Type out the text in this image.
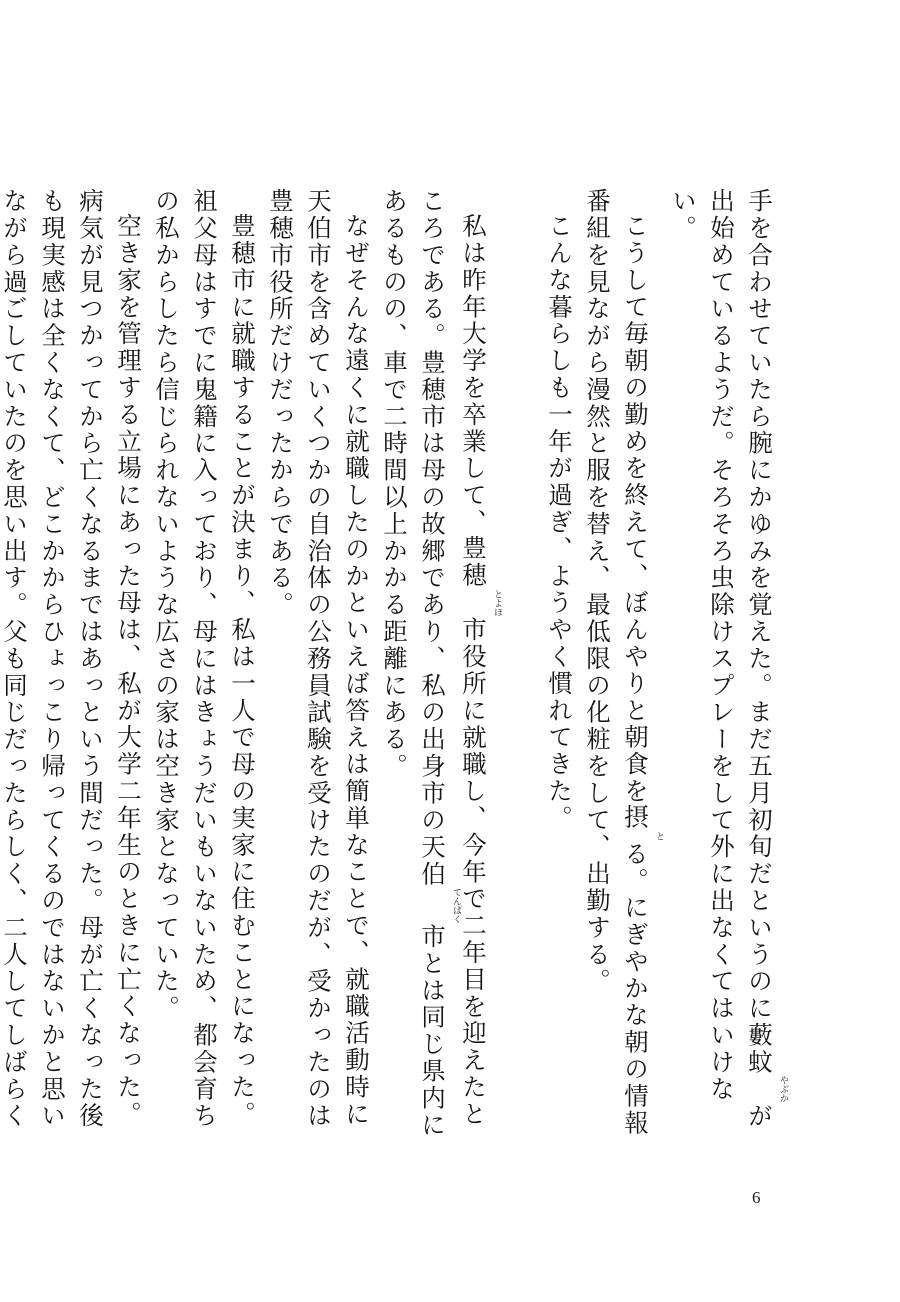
手を合わせていたら腕にかゆみを覚えた。まだ五月初旬だというのに藪蚊やぶかが出始めているようだ。そろそろ虫除けスプレーをして外に出なくてはいけない。

こうして毎朝の勤めを終えて、ぼんやりと朝食を摂とる。にぎやかな朝の情報番組を見ながら漫然と服を替え、最低限の化粧をして、出勤する。

こんな暮らしも一年が過ぎ、ようやく慣れてきた。

私は昨年大学を卒業して、豊穂とよほ市役所に就職し、今年で二年目を迎えたところである。豊穂市は母の故郷であり、私の出身市の天伯てんぱく市とは同じ県内にあるものの、車で二時間以上かかる距離にある。

なぜそんな遠くに就職したのかといえば答えは簡単なことで、就職活動時に天伯市を含めていくつかの自治体の公務員試験を受けたのだが、受かったのは豊穂市役所だけだったからである。

豊穂市に就職することが決まり、私は一人で母の実家に住むことになった。祖父母はすでに鬼籍に入っており、母にはきょうだいもいないため、都会育ちの私からしたら信じられないような広さの家は空き家となっていた。

空き家を管理する立場にあった母は、私が大学二年生のときに亡くなった。病気が見つかってから亡くなるまではあっという間だった。母が亡くなった後も現実感は全くなくて、どこかからひょっこり帰ってくるのではないかと思いながら過ごしていたのを思い出す。父も同じだったらしく、二人してしばらく

6
